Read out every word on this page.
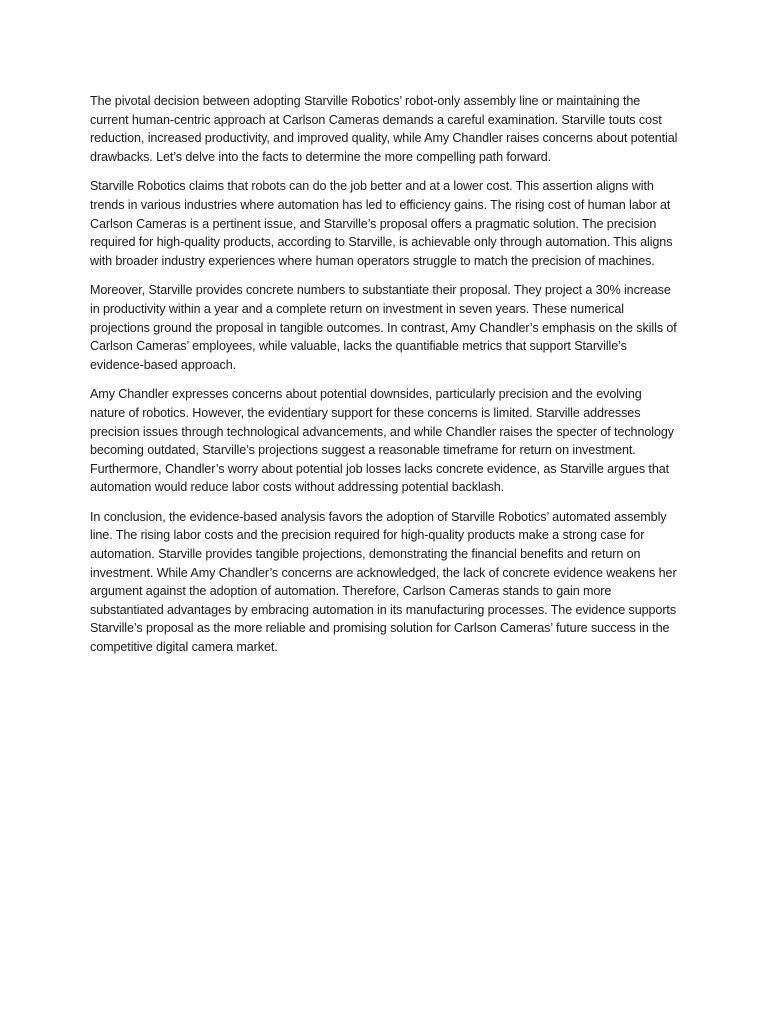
The pivotal decision between adopting Starville Robotics’ robot-only assembly line or maintaining the current human-centric approach at Carlson Cameras demands a careful examination. Starville touts cost reduction, increased productivity, and improved quality, while Amy Chandler raises concerns about potential drawbacks. Let’s delve into the facts to determine the more compelling path forward.

Starville Robotics claims that robots can do the job better and at a lower cost. This assertion aligns with trends in various industries where automation has led to efficiency gains. The rising cost of human labor at Carlson Cameras is a pertinent issue, and Starville’s proposal offers a pragmatic solution. The precision required for high-quality products, according to Starville, is achievable only through automation. This aligns with broader industry experiences where human operators struggle to match the precision of machines.

Moreover, Starville provides concrete numbers to substantiate their proposal. They project a 30% increase in productivity within a year and a complete return on investment in seven years. These numerical projections ground the proposal in tangible outcomes. In contrast, Amy Chandler’s emphasis on the skills of Carlson Cameras’ employees, while valuable, lacks the quantifiable metrics that support Starville’s evidence-based approach.

Amy Chandler expresses concerns about potential downsides, particularly precision and the evolving nature of robotics. However, the evidentiary support for these concerns is limited. Starville addresses precision issues through technological advancements, and while Chandler raises the specter of technology becoming outdated, Starville’s projections suggest a reasonable timeframe for return on investment. Furthermore, Chandler’s worry about potential job losses lacks concrete evidence, as Starville argues that automation would reduce labor costs without addressing potential backlash.

In conclusion, the evidence-based analysis favors the adoption of Starville Robotics’ automated assembly line. The rising labor costs and the precision required for high-quality products make a strong case for automation. Starville provides tangible projections, demonstrating the financial benefits and return on investment. While Amy Chandler’s concerns are acknowledged, the lack of concrete evidence weakens her argument against the adoption of automation. Therefore, Carlson Cameras stands to gain more substantiated advantages by embracing automation in its manufacturing processes. The evidence supports Starville’s proposal as the more reliable and promising solution for Carlson Cameras’ future success in the competitive digital camera market.
